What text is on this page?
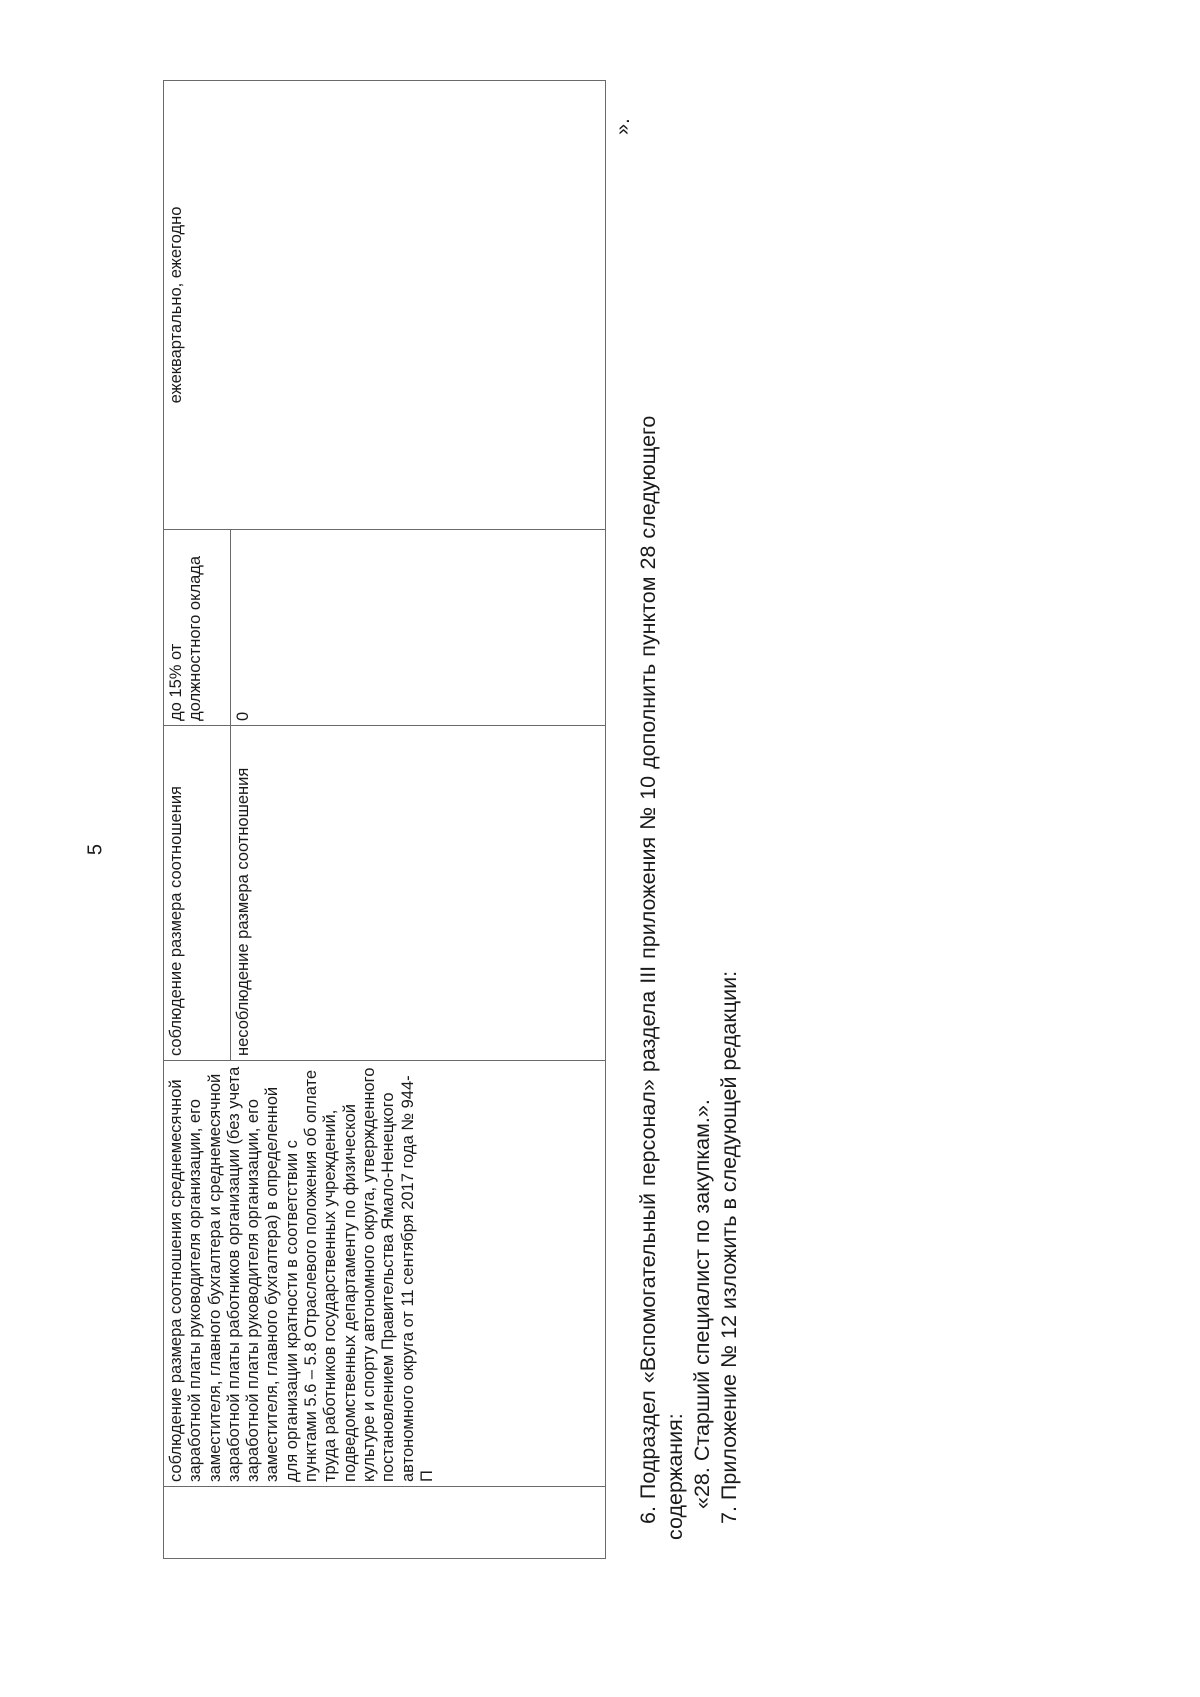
5
	соблюдение размера соотношения среднемесячной заработной платы руководителя организации, его заместителя, главного бухгалтера и среднемесячной заработной платы работников организации (без учета заработной платы руководителя организации, его заместителя, главного бухгалтера) в определенной для организации кратности в соответствии с пунктами 5.6 – 5.8 Отраслевого положения об оплате труда работников государственных учреждений, подведомственных департаменту по физической культуре и спорту автономного округа, утвержденного постановлением Правительства Ямало-Ненецкого автономного округа от 11 сентября 2017 года № 944-П	соблюдение размера соотношения	до 15% от должностного оклада	ежеквартально, ежегодно
		несоблюдение размера соотношения	0	
».
6.Подраздел«Вспомогательныйперсонал»разделаIIIприложения№10дополнитьпунктом28следующего
содержания: «28. Старший специалист по закупкам.». 7. Приложение № 12 изложить в следующей редакции:
